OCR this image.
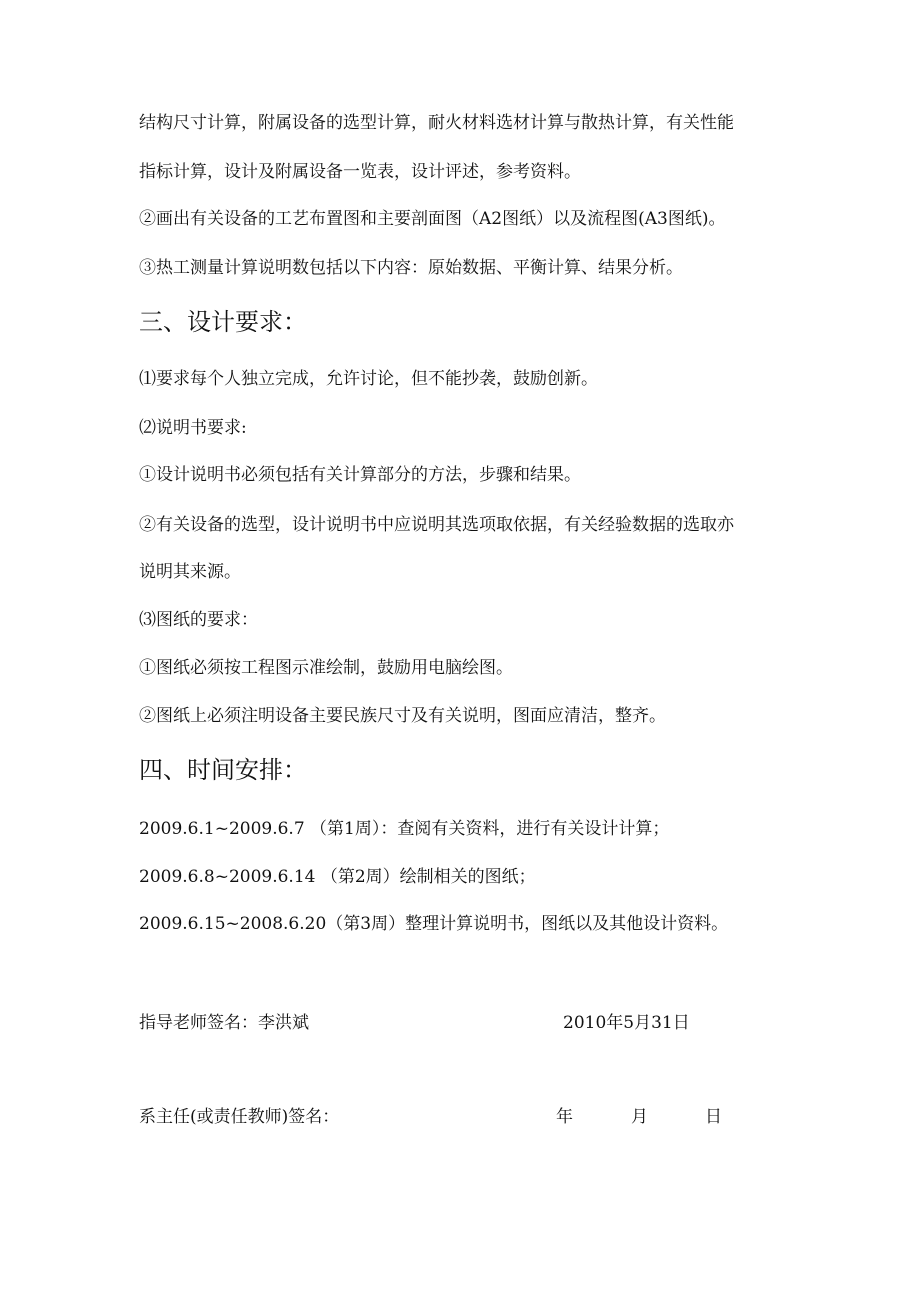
结构尺寸计算，附属设备的选型计算，耐火材料选材计算与散热计算，有关性能
指标计算，设计及附属设备一览表，设计评述，参考资料。
②画出有关设备的工艺布置图和主要剖面图（A2图纸）以及流程图(A3图纸)。
③热工测量计算说明数包括以下内容：原始数据、平衡计算、结果分析。
三、设计要求：
⑴要求每个人独立完成，允许讨论，但不能抄袭，鼓励创新。
⑵说明书要求:
①设计说明书必须包括有关计算部分的方法，步骤和结果。
②有关设备的选型，设计说明书中应说明其选项取依据，有关经验数据的选取亦
说明其来源。
⑶图纸的要求：
①图纸必须按工程图示准绘制，鼓励用电脑绘图。
②图纸上必须注明设备主要民族尺寸及有关说明，图面应清洁，整齐。
四、时间安排：
2009.6.1~2009.6.7 （第1周）：查阅有关资料，进行有关设计计算；
2009.6.8~2009.6.14 （第2周）绘制相关的图纸；
2009.6.15~2008.6.20（第3周）整理计算说明书，图纸以及其他设计资料。
指导老师签名：李洪斌	2010年5月31日
系主任(或责任教师)签名：	年	月	日
